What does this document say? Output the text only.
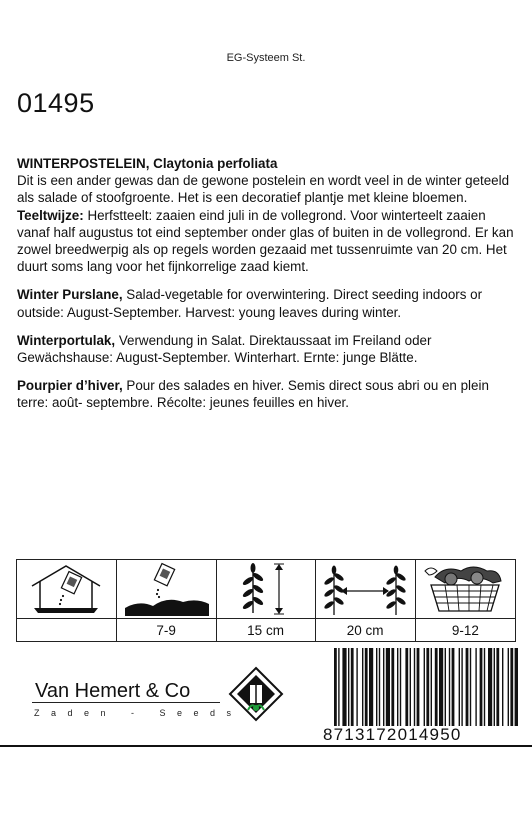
EG-Systeem St.
01495

WINTERPOSTELEIN, Claytonia perfoliata
Dit is een ander gewas dan de gewone postelein en wordt veel in de winter geteeld als salade of stoofgroente. Het is een decoratief plantje met kleine bloemen.
Teeltwijze: Herfstteelt: zaaien eind juli in de vollegrond. Voor winterteelt zaaien vanaf half augustus tot eind september onder glas of buiten in de vollegrond. Er kan zowel breedwerpig als op regels worden gezaaid met tussenruimte van 20 cm. Het duurt soms lang voor het fijnkorrelige zaad kiemt.

Winter Purslane, Salad-vegetable for overwintering. Direct seeding indoors or outside: August-September. Harvest: young leaves during winter.

Winterportulak, Verwendung in Salat. Direktaussaat im Freiland oder Gewächshause: August-September. Winterhart. Ernte: junge Blätte.

Pourpier d’hiver, Pour des salades en hiver. Semis direct sous abri ou en plein terre: août- septembre. Récolte: jeunes feuilles en hiver.

	7-9	15 cm	20 cm	9-12
Van Hemert & Co
Zaden - Seeds
8713172014950
